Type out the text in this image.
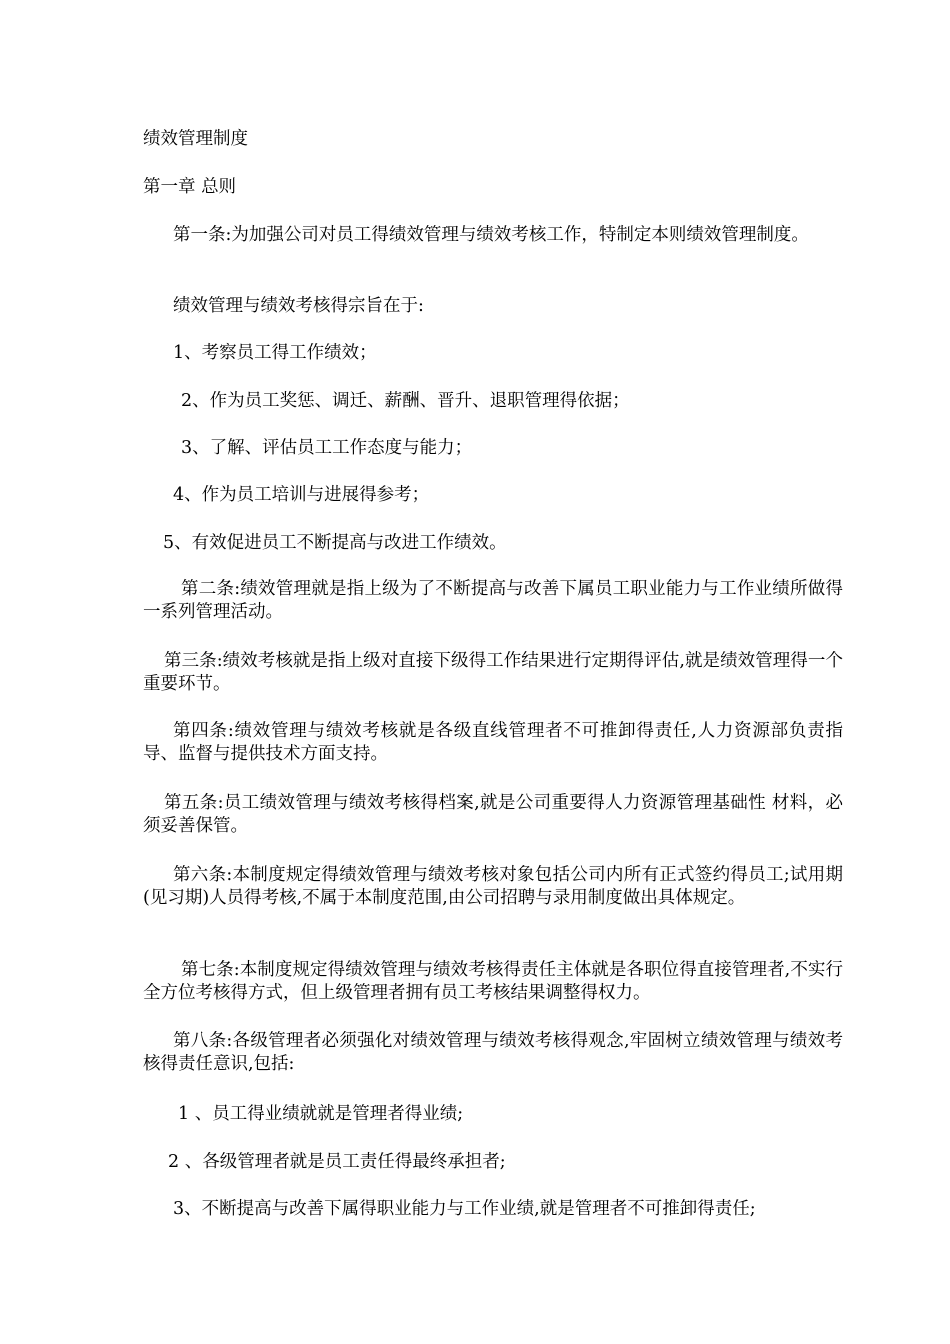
绩效管理制度

第一章 总则

第一条:为加强公司对员工得绩效管理与绩效考核工作，特制定本则绩效管理制度。

绩效管理与绩效考核得宗旨在于:

1、考察员工得工作绩效；

2、作为员工奖惩、调迁、薪酬、晋升、退职管理得依据；

3、了解、评估员工工作态度与能力；

4、作为员工培训与进展得参考；

5、有效促进员工不断提高与改进工作绩效。

第二条:绩效管理就是指上级为了不断提高与改善下属员工职业能力与工作业绩所做得一系列管理活动。

第三条:绩效考核就是指上级对直接下级得工作结果进行定期得评估,就是绩效管理得一个重要环节。

第四条:绩效管理与绩效考核就是各级直线管理者不可推卸得责任,人力资源部负责指导、监督与提供技术方面支持。

第五条:员工绩效管理与绩效考核得档案,就是公司重要得人力资源管理基础性 材料，必须妥善保管。

第六条:本制度规定得绩效管理与绩效考核对象包括公司内所有正式签约得员工;试用期(见习期)人员得考核,不属于本制度范围,由公司招聘与录用制度做出具体规定。

第七条:本制度规定得绩效管理与绩效考核得责任主体就是各职位得直接管理者,不实行全方位考核得方式，但上级管理者拥有员工考核结果调整得权力。

第八条:各级管理者必须强化对绩效管理与绩效考核得观念,牢固树立绩效管理与绩效考核得责任意识,包括:

1 、员工得业绩就就是管理者得业绩;

2 、各级管理者就是员工责任得最终承担者;

3、不断提高与改善下属得职业能力与工作业绩,就是管理者不可推卸得责任;
